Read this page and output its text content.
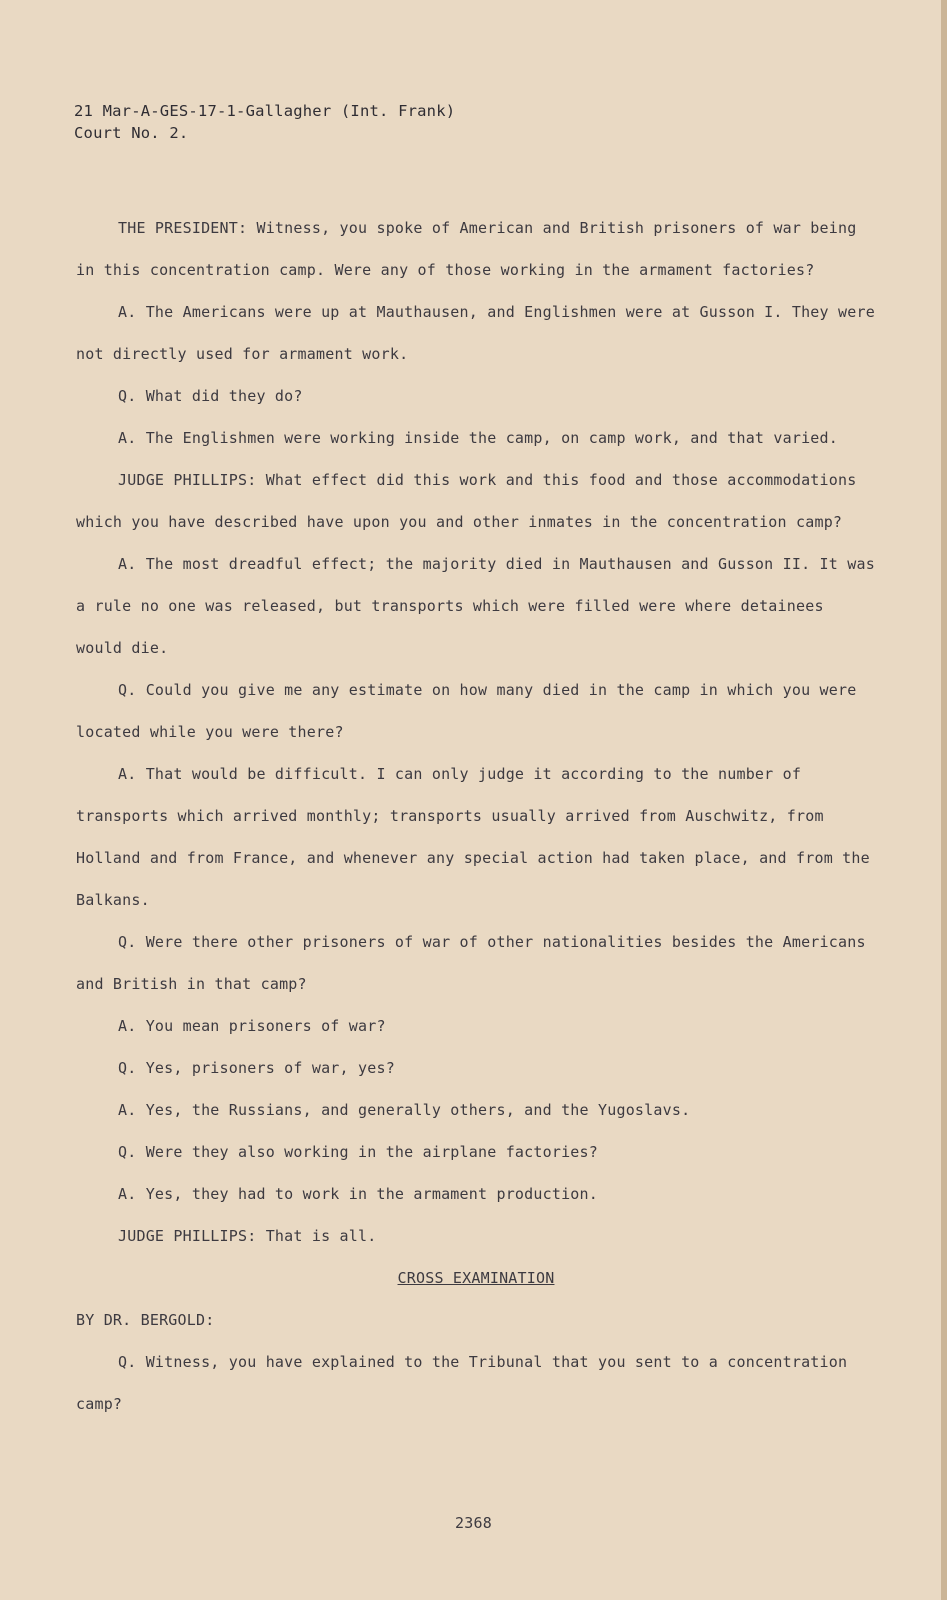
21 Mar-A-GES-17-1-Gallagher (Int. Frank)
Court No. 2.

THE PRESIDENT: Witness, you spoke of American and British prisoners of war being in this concentration camp. Were any of those working in the armament factories?

A. The Americans were up at Mauthausen, and Englishmen were at Gusson I. They were not directly used for armament work.

Q. What did they do?

A. The Englishmen were working inside the camp, on camp work, and that varied.

JUDGE PHILLIPS: What effect did this work and this food and those accommodations which you have described have upon you and other inmates in the concentration camp?

A. The most dreadful effect; the majority died in Mauthausen and Gusson II. It was a rule no one was released, but transports which were filled were where detainees would die.

Q. Could you give me any estimate on how many died in the camp in which you were located while you were there?

A. That would be difficult. I can only judge it according to the number of transports which arrived monthly; transports usually arrived from Auschwitz, from Holland and from France, and whenever any special action had taken place, and from the Balkans.

Q. Were there other prisoners of war of other nationalities besides the Americans and British in that camp?

A. You mean prisoners of war?

Q. Yes, prisoners of war, yes?

A. Yes, the Russians, and generally others, and the Yugoslavs.

Q. Were they also working in the airplane factories?

A. Yes, they had to work in the armament production.

JUDGE PHILLIPS: That is all.

CROSS EXAMINATION

BY DR. BERGOLD:

Q. Witness, you have explained to the Tribunal that you sent to a concentration camp?

2368
